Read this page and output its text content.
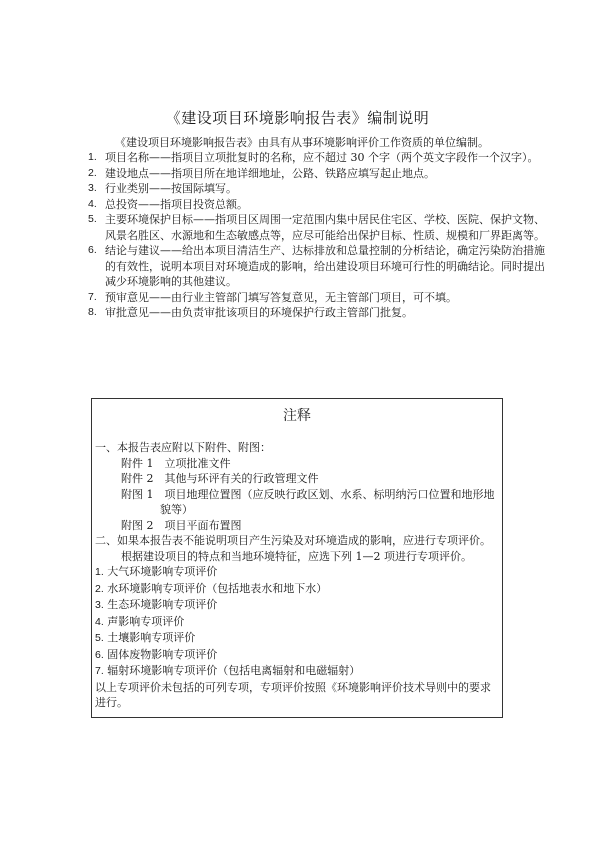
《建设项目环境影响报告表》编制说明
《建设项目环境影响报告表》由具有从事环境影响评价工作资质的单位编制。
1. 项目名称——指项目立项批复时的名称，应不超过 30 个字（两个英文字段作一个汉字）。
2. 建设地点——指项目所在地详细地址，公路、铁路应填写起止地点。
3. 行业类别——按国际填写。
4. 总投资——指项目投资总额。
5. 主要环境保护目标——指项目区周围一定范围内集中居民住宅区、学校、医院、保护文物、风景名胜区、水源地和生态敏感点等，应尽可能给出保护目标、性质、规模和厂界距离等。
6. 结论与建议——给出本项目清洁生产、达标排放和总量控制的分析结论，确定污染防治措施的有效性，说明本项目对环境造成的影响，给出建设项目环境可行性的明确结论。同时提出减少环境影响的其他建议。
7. 预审意见——由行业主管部门填写答复意见，无主管部门项目，可不填。
8. 审批意见——由负责审批该项目的环境保护行政主管部门批复。
注释
一、本报告表应附以下附件、附图：
附件 1　立项批准文件
附件 2　其他与环评有关的行政管理文件
附图 1　项目地理位置图（应反映行政区划、水系、标明纳污口位置和地形地貌等）
附图 2　项目平面布置图
二、如果本报告表不能说明项目产生污染及对环境造成的影响，应进行专项评价。根据建设项目的特点和当地环境特征，应选下列 1—2 项进行专项评价。
1. 大气环境影响专项评价
2. 水环境影响专项评价（包括地表水和地下水）
3. 生态环境影响专项评价
4. 声影响专项评价
5. 土壤影响专项评价
6. 固体废物影响专项评价
7. 辐射环境影响专项评价（包括电离辐射和电磁辐射）
以上专项评价未包括的可列专项，专项评价按照《环境影响评价技术导则中的要求进行。
